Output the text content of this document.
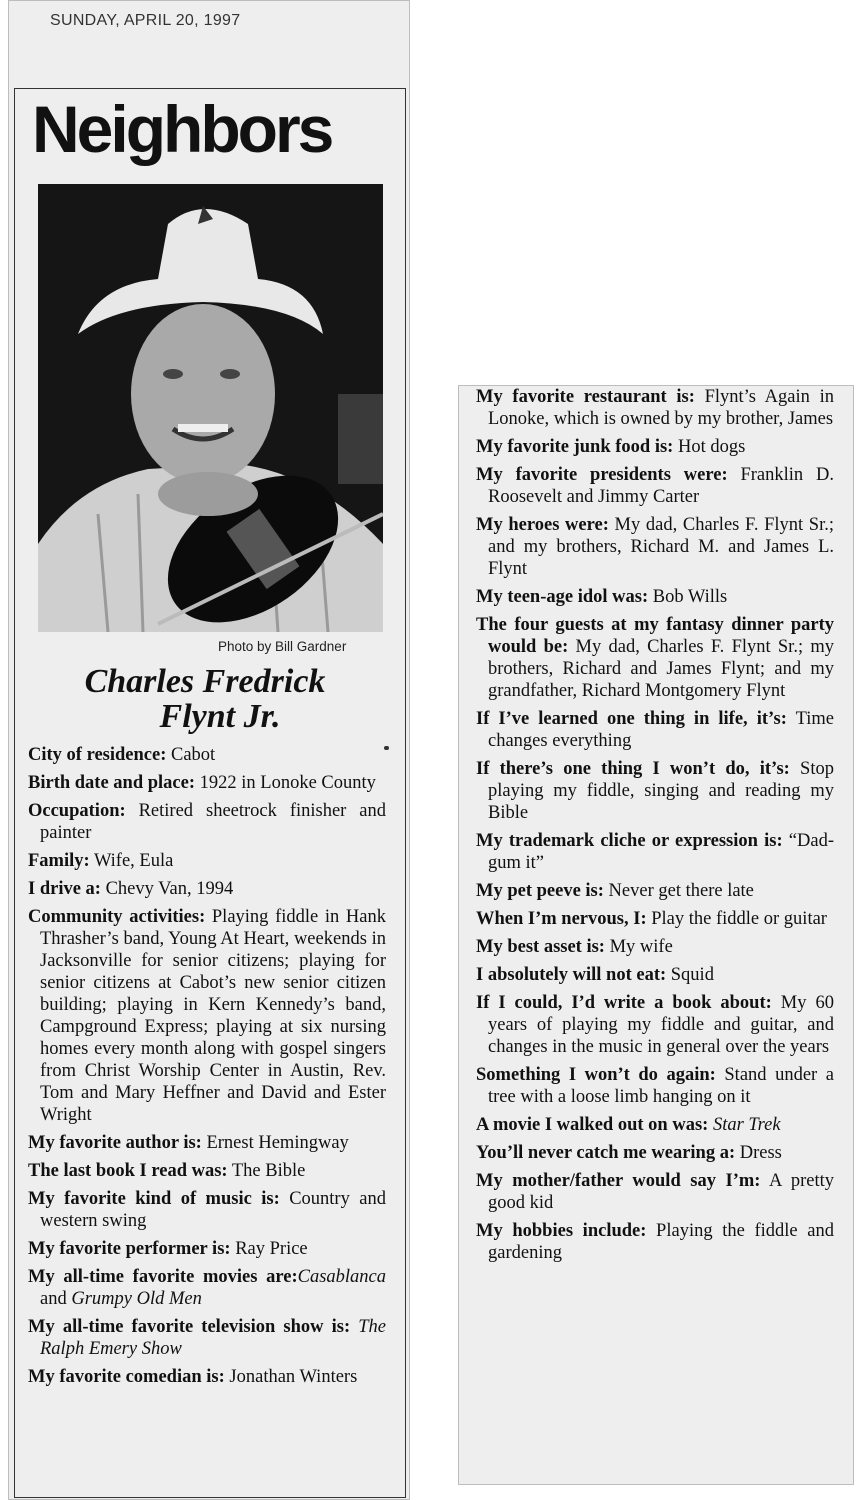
SUNDAY, APRIL 20, 1997
Neighbors
Photo by Bill Gardner
Charles Fredrick
Flynt Jr.

City of residence: Cabot

Birth date and place: 1922 in Lonoke County

Occupation: Retired sheetrock finisher and painter

Family: Wife, Eula

I drive a: Chevy Van, 1994

Community activities: Playing fiddle in Hank Thrasher’s band, Young At Heart, weekends in Jacksonville for senior citizens; playing for senior citizens at Cabot’s new senior citizen building; playing in Kern Kennedy’s band, Campground Express; playing at six nursing homes every month along with gospel singers from Christ Worship Center in Austin, Rev. Tom and Mary Heffner and David and Ester Wright

My favorite author is: Ernest Hemingway

The last book I read was: The Bible

My favorite kind of music is: Country and western swing

My favorite performer is: Ray Price

My all-time favorite movies are:Casablanca and Grumpy Old Men

My all-time favorite television show is: The Ralph Emery Show

My favorite comedian is: Jonathan Winters

My favorite restaurant is: Flynt’s Again in Lonoke, which is owned by my brother, James

My favorite junk food is: Hot dogs

My favorite presidents were: Franklin D. Roosevelt and Jimmy Carter

My heroes were: My dad, Charles F. Flynt Sr.; and my brothers, Richard M. and James L. Flynt

My teen-age idol was: Bob Wills

The four guests at my fantasy dinner party would be: My dad, Charles F. Flynt Sr.; my brothers, Richard and James Flynt; and my grandfather, Richard Montgomery Flynt

If I’ve learned one thing in life, it’s: Time changes everything

If there’s one thing I won’t do, it’s: Stop playing my fiddle, singing and reading my Bible

My trademark cliche or expression is: “Dad-gum it”

My pet peeve is: Never get there late

When I’m nervous, I: Play the fiddle or guitar

My best asset is: My wife

I absolutely will not eat: Squid

If I could, I’d write a book about: My 60 years of playing my fiddle and guitar, and changes in the music in general over the years

Something I won’t do again: Stand under a tree with a loose limb hanging on it

A movie I walked out on was: Star Trek

You’ll never catch me wearing a: Dress

My mother/father would say I’m: A pretty good kid

My hobbies include: Playing the fiddle and gardening
